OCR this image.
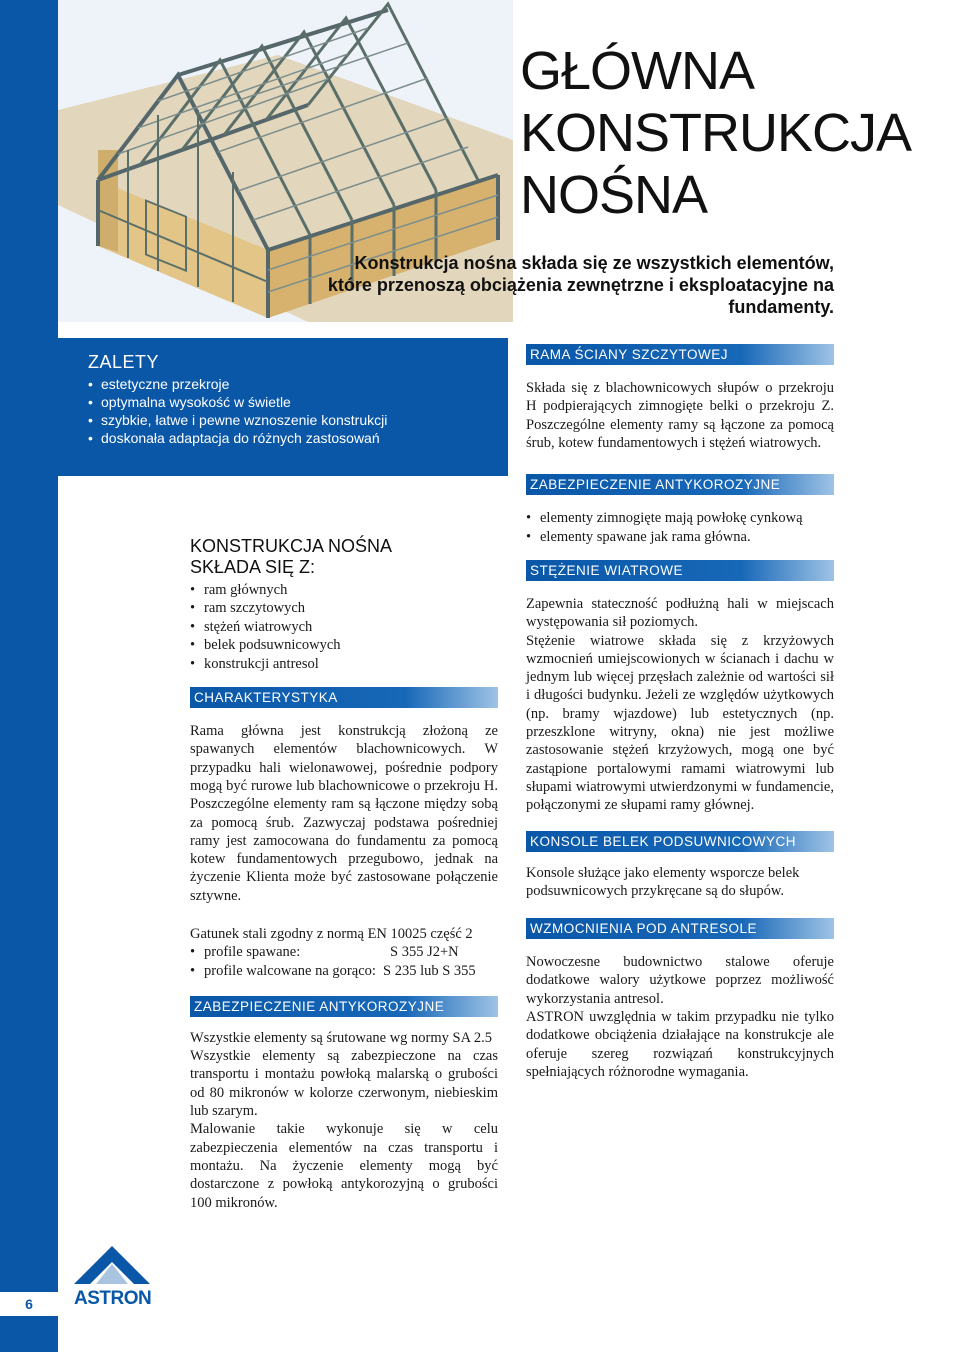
6
GŁÓWNA
KONSTRUKCJA
NOŚNA

Konstrukcja nośna składa się ze wszystkich elementów, które przenoszą obciążenia zewnętrzne i eksploatacyjne na fundamenty.

ZALETY
• estetyczne przekroje
• optymalna wysokość w świetle
• szybkie, łatwe i pewne wznoszenie konstrukcji
• doskonała adaptacja do różnych zastosowań
KONSTRUKCJA NOŚNA
SKŁADA SIĘ Z:
• ram głównych
• ram szczytowych
• stężeń wiatrowych
• belek podsuwnicowych
• konstrukcji antresol
CHARAKTERYSTYKA

Rama główna jest konstrukcją złożoną ze spawanych elementów blachownicowych. W przypadku hali wielonawowej, pośrednie podpory mogą być rurowe lub blachownicowe o przekroju H. Poszczególne elementy ram są łączone między sobą za pomocą śrub. Zazwyczaj podstawa pośredniej ramy jest zamocowana do fundamentu za pomocą kotew fundamentowych przegubowo, jednak na życzenie Klienta może być zastosowane połączenie sztywne.

Gatunek stali zgodny z normą EN 10025 część 2

• profile spawane:	S 355 J2+N
• profile walcowane na gorąco: S 235 lub S 355
ZABEZPIECZENIE ANTYKOROZYJNE

Wszystkie elementy są śrutowane wg normy SA 2.5

Wszystkie elementy są zabezpieczone na czas transportu i montażu powłoką malarską o grubości od 80 mikronów w kolorze czerwonym, niebieskim lub szarym.

Malowanie takie wykonuje się w celu zabezpieczenia elementów na czas transportu i montażu. Na życzenie elementy mogą być dostarczone z powłoką antykorozyjną o grubości 100 mikronów.

RAMA ŚCIANY SZCZYTOWEJ

Składa się z blachownicowych słupów o przekroju H podpierających zimnogięte belki o przekroju Z. Poszczególne elementy ramy są łączone za pomocą śrub, kotew fundamentowych i stężeń wiatrowych.

ZABEZPIECZENIE ANTYKOROZYJNE
• elementy zimnogięte mają powłokę cynkową
• elementy spawane jak rama główna.
STĘŻENIE WIATROWE

Zapewnia stateczność podłużną hali w miejscach występowania sił poziomych.

Stężenie wiatrowe składa się z krzyżowych wzmocnień umiejscowionych w ścianach i dachu w jednym lub więcej przęsłach zależnie od wartości sił i długości budynku. Jeżeli ze względów użytkowych (np. bramy wjazdowe) lub estetycznych (np. przeszklone witryny, okna) nie jest możliwe zastosowanie stężeń krzyżowych, mogą one być zastąpione portalowymi ramami wiatrowymi lub słupami wiatrowymi utwierdzonymi w fundamencie, połączonymi ze słupami ramy głównej.

KONSOLE BELEK PODSUWNICOWYCH

Konsole służące jako elementy wsporcze belek podsuwnicowych przykręcane są do słupów.

WZMOCNIENIA POD ANTRESOLE

Nowoczesne budownictwo stalowe oferuje dodatkowe walory użytkowe poprzez możliwość wykorzystania antresol.

ASTRON uwzględnia w takim przypadku nie tylko dodatkowe obciążenia działające na konstrukcje ale oferuje szereg rozwiązań konstrukcyjnych spełniających różnorodne wymagania.

ASTRON
